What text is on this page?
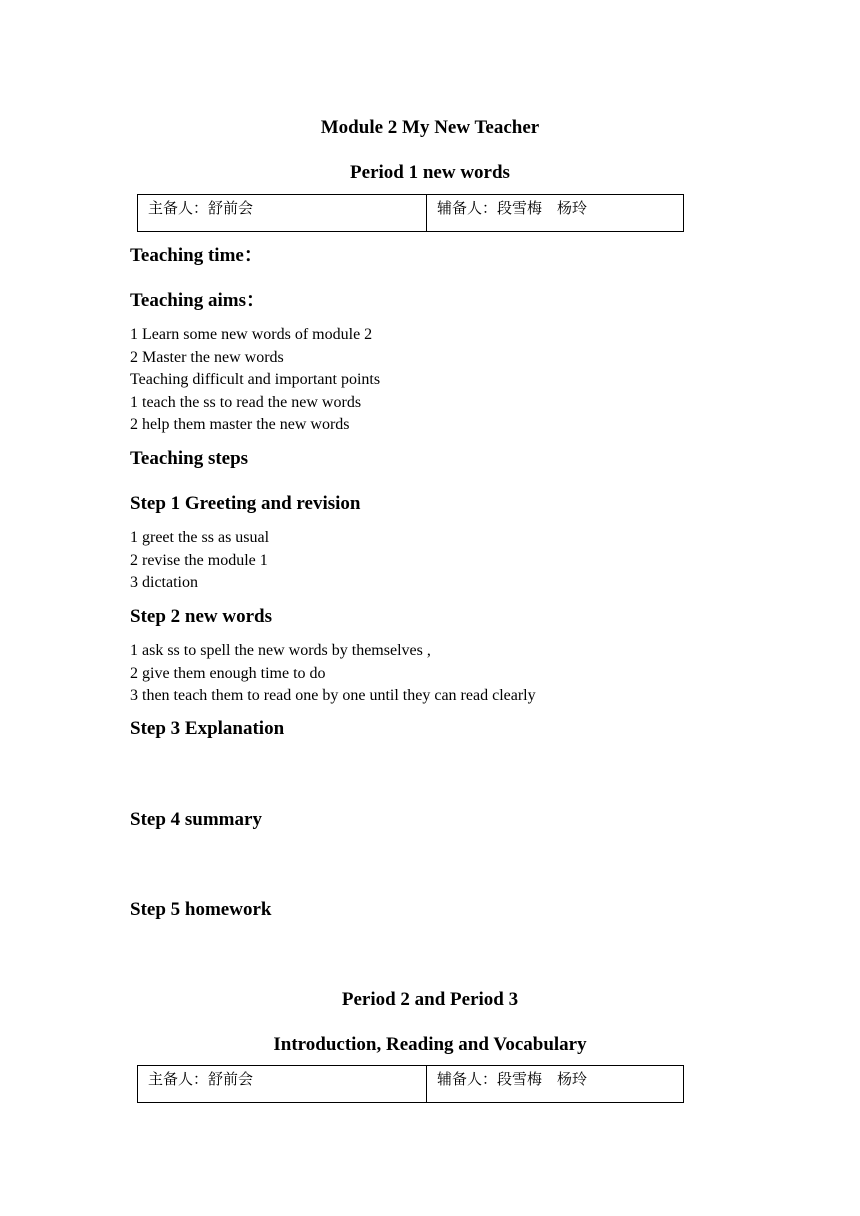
Module 2 My New Teacher
Period 1 new words
主备人：舒前会	辅备人：段雪梅　杨玲
Teaching time：
Teaching aims：
1 Learn some new words of module 2
2 Master the new words
Teaching difficult and important points
1 teach the ss to read the new words
2 help them master the new words
Teaching steps
Step 1 Greeting and revision
1 greet the ss as usual
2 revise the module 1
3 dictation
Step 2 new words
1 ask ss to spell the new words by themselves ,
2 give them enough time to do
3 then teach them to read one by one until they can read clearly
Step 3 Explanation
Step 4 summary
Step 5 homework
Period 2 and Period 3
Introduction, Reading and Vocabulary
主备人：舒前会	辅备人：段雪梅　杨玲
